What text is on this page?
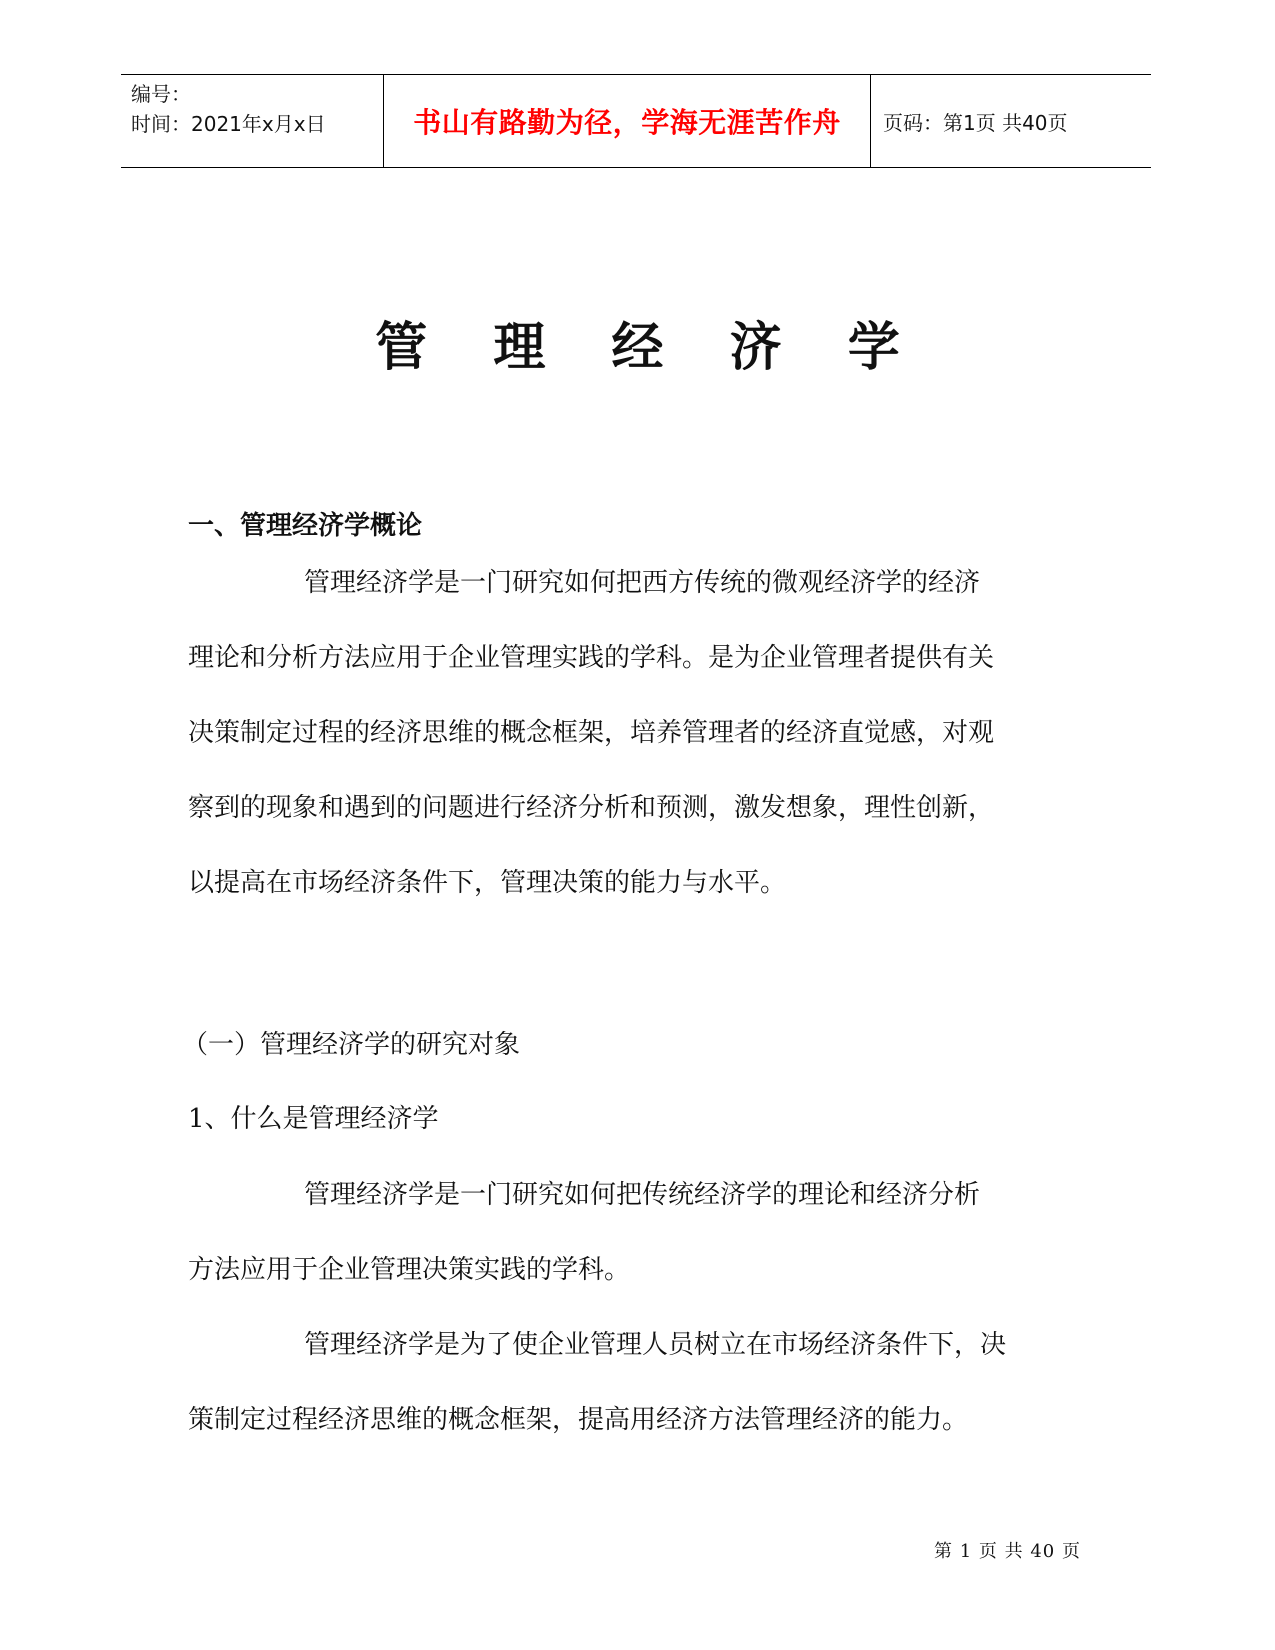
编号：
时间：2021年x月x日	书山有路勤为径，学海无涯苦作舟	页码：第1页 共40页
管 理 经 济 学
一、管理经济学概论

管理经济学是一门研究如何把西方传统的微观经济学的经济
理论和分析方法应用于企业管理实践的学科。是为企业管理者提供有关
决策制定过程的经济思维的概念框架，培养管理者的经济直觉感，对观
察到的现象和遇到的问题进行经济分析和预测，激发想象，理性创新，
以提高在市场经济条件下，管理决策的能力与水平。

（一）管理经济学的研究对象
1、什么是管理经济学

管理经济学是一门研究如何把传统经济学的理论和经济分析
方法应用于企业管理决策实践的学科。

管理经济学是为了使企业管理人员树立在市场经济条件下，决
策制定过程经济思维的概念框架，提高用经济方法管理经济的能力。

第 1 页 共 40 页
